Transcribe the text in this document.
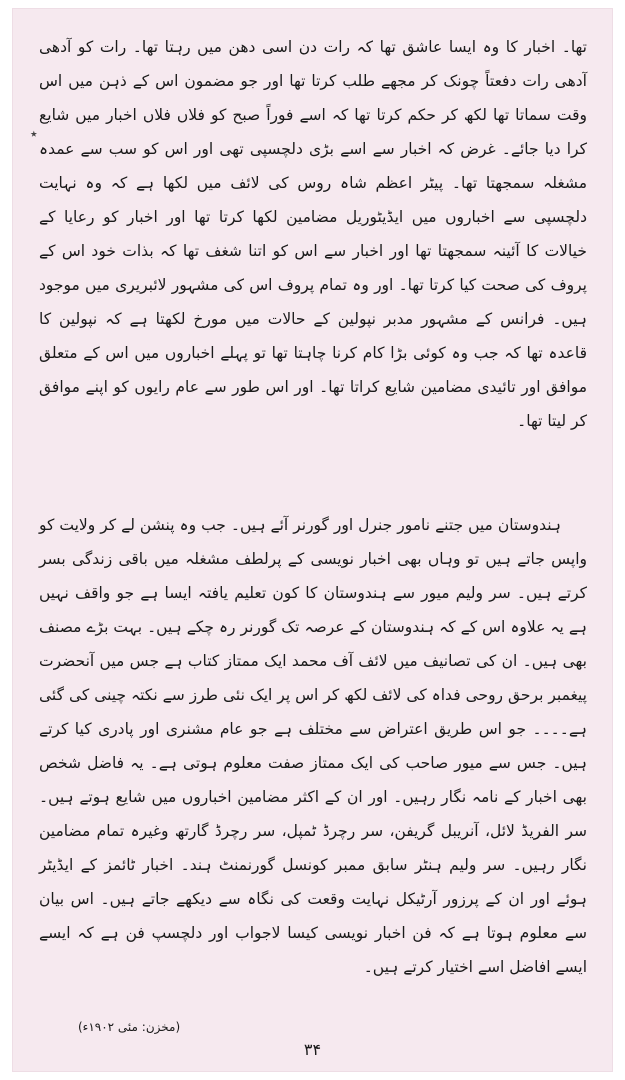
٭

تھا۔ اخبار کا وہ ایسا عاشق تھا کہ رات دن اسی دھن میں رہتا تھا۔ رات کو آدھی آدھی رات دفعتاً چونک کر مجھے طلب کرتا تھا اور جو مضمون اس کے ذہن میں اس وقت سماتا تھا لکھ کر حکم کرتا تھا کہ اسے فوراً صبح کو فلاں فلاں اخبار میں شایع کرا دیا جائے۔ غرض کہ اخبار سے اسے بڑی دلچسپی تھی اور اس کو سب سے عمدہ مشغلہ سمجھتا تھا۔ پیٹر اعظم شاہ روس کی لائف میں لکھا ہے کہ وہ نہایت دلچسپی سے اخباروں میں ایڈیٹوریل مضامین لکھا کرتا تھا اور اخبار کو رعایا کے خیالات کا آئینہ سمجھتا تھا اور اخبار سے اس کو اتنا شغف تھا کہ بذات خود اس کے پروف کی صحت کیا کرتا تھا۔ اور وہ تمام پروف اس کی مشہور لائبریری میں موجود ہیں۔ فرانس کے مشہور مدبر نپولین کے حالات میں مورخ لکھتا ہے کہ نپولین کا قاعدہ تھا کہ جب وہ کوئی بڑا کام کرنا چاہتا تھا تو پہلے اخباروں میں اس کے متعلق موافق اور تائیدی مضامین شایع کراتا تھا۔ اور اس طور سے عام رایوں کو اپنے موافق کر لیتا تھا۔

ہندوستان میں جتنے نامور جنرل اور گورنر آئے ہیں۔ جب وہ پنشن لے کر ولایت کو واپس جاتے ہیں تو وہاں بھی اخبار نویسی کے پرلطف مشغلہ میں باقی زندگی بسر کرتے ہیں۔ سر ولیم میور سے ہندوستان کا کون تعلیم یافتہ ایسا ہے جو واقف نہیں ہے یہ علاوہ اس کے کہ ہندوستان کے عرصہ تک گورنر رہ چکے ہیں۔ بہت بڑے مصنف بھی ہیں۔ ان کی تصانیف میں لائف آف محمد ایک ممتاز کتاب ہے جس میں آنحضرت پیغمبر برحق روحی فداہ کی لائف لکھ کر اس پر ایک نئی طرز سے نکتہ چینی کی گئی ہے۔۔۔۔ جو اس طریق اعتراض سے مختلف ہے جو عام مشنری اور پادری کیا کرتے ہیں۔ جس سے میور صاحب کی ایک ممتاز صفت معلوم ہوتی ہے۔ یہ فاضل شخص بھی اخبار کے نامہ نگار رہیں۔ اور ان کے اکثر مضامین اخباروں میں شایع ہوتے ہیں۔ سر الفریڈ لائل، آنریبل گریفن، سر رچرڈ ٹمپل، سر رچرڈ گارتھ وغیرہ تمام مضامین نگار رہیں۔ سر ولیم ہنٹر سابق ممبر کونسل گورنمنٹ ہند۔ اخبار ٹائمز کے ایڈیٹر ہوئے اور ان کے پرزور آرٹیکل نہایت وقعت کی نگاہ سے دیکھے جاتے ہیں۔ اس بیان سے معلوم ہوتا ہے کہ فن اخبار نویسی کیسا لاجواب اور دلچسپ فن ہے کہ ایسے ایسے افاضل اسے اختیار کرتے ہیں۔

(مخزن: مئی ۱۹۰۲ء)
۳۴
